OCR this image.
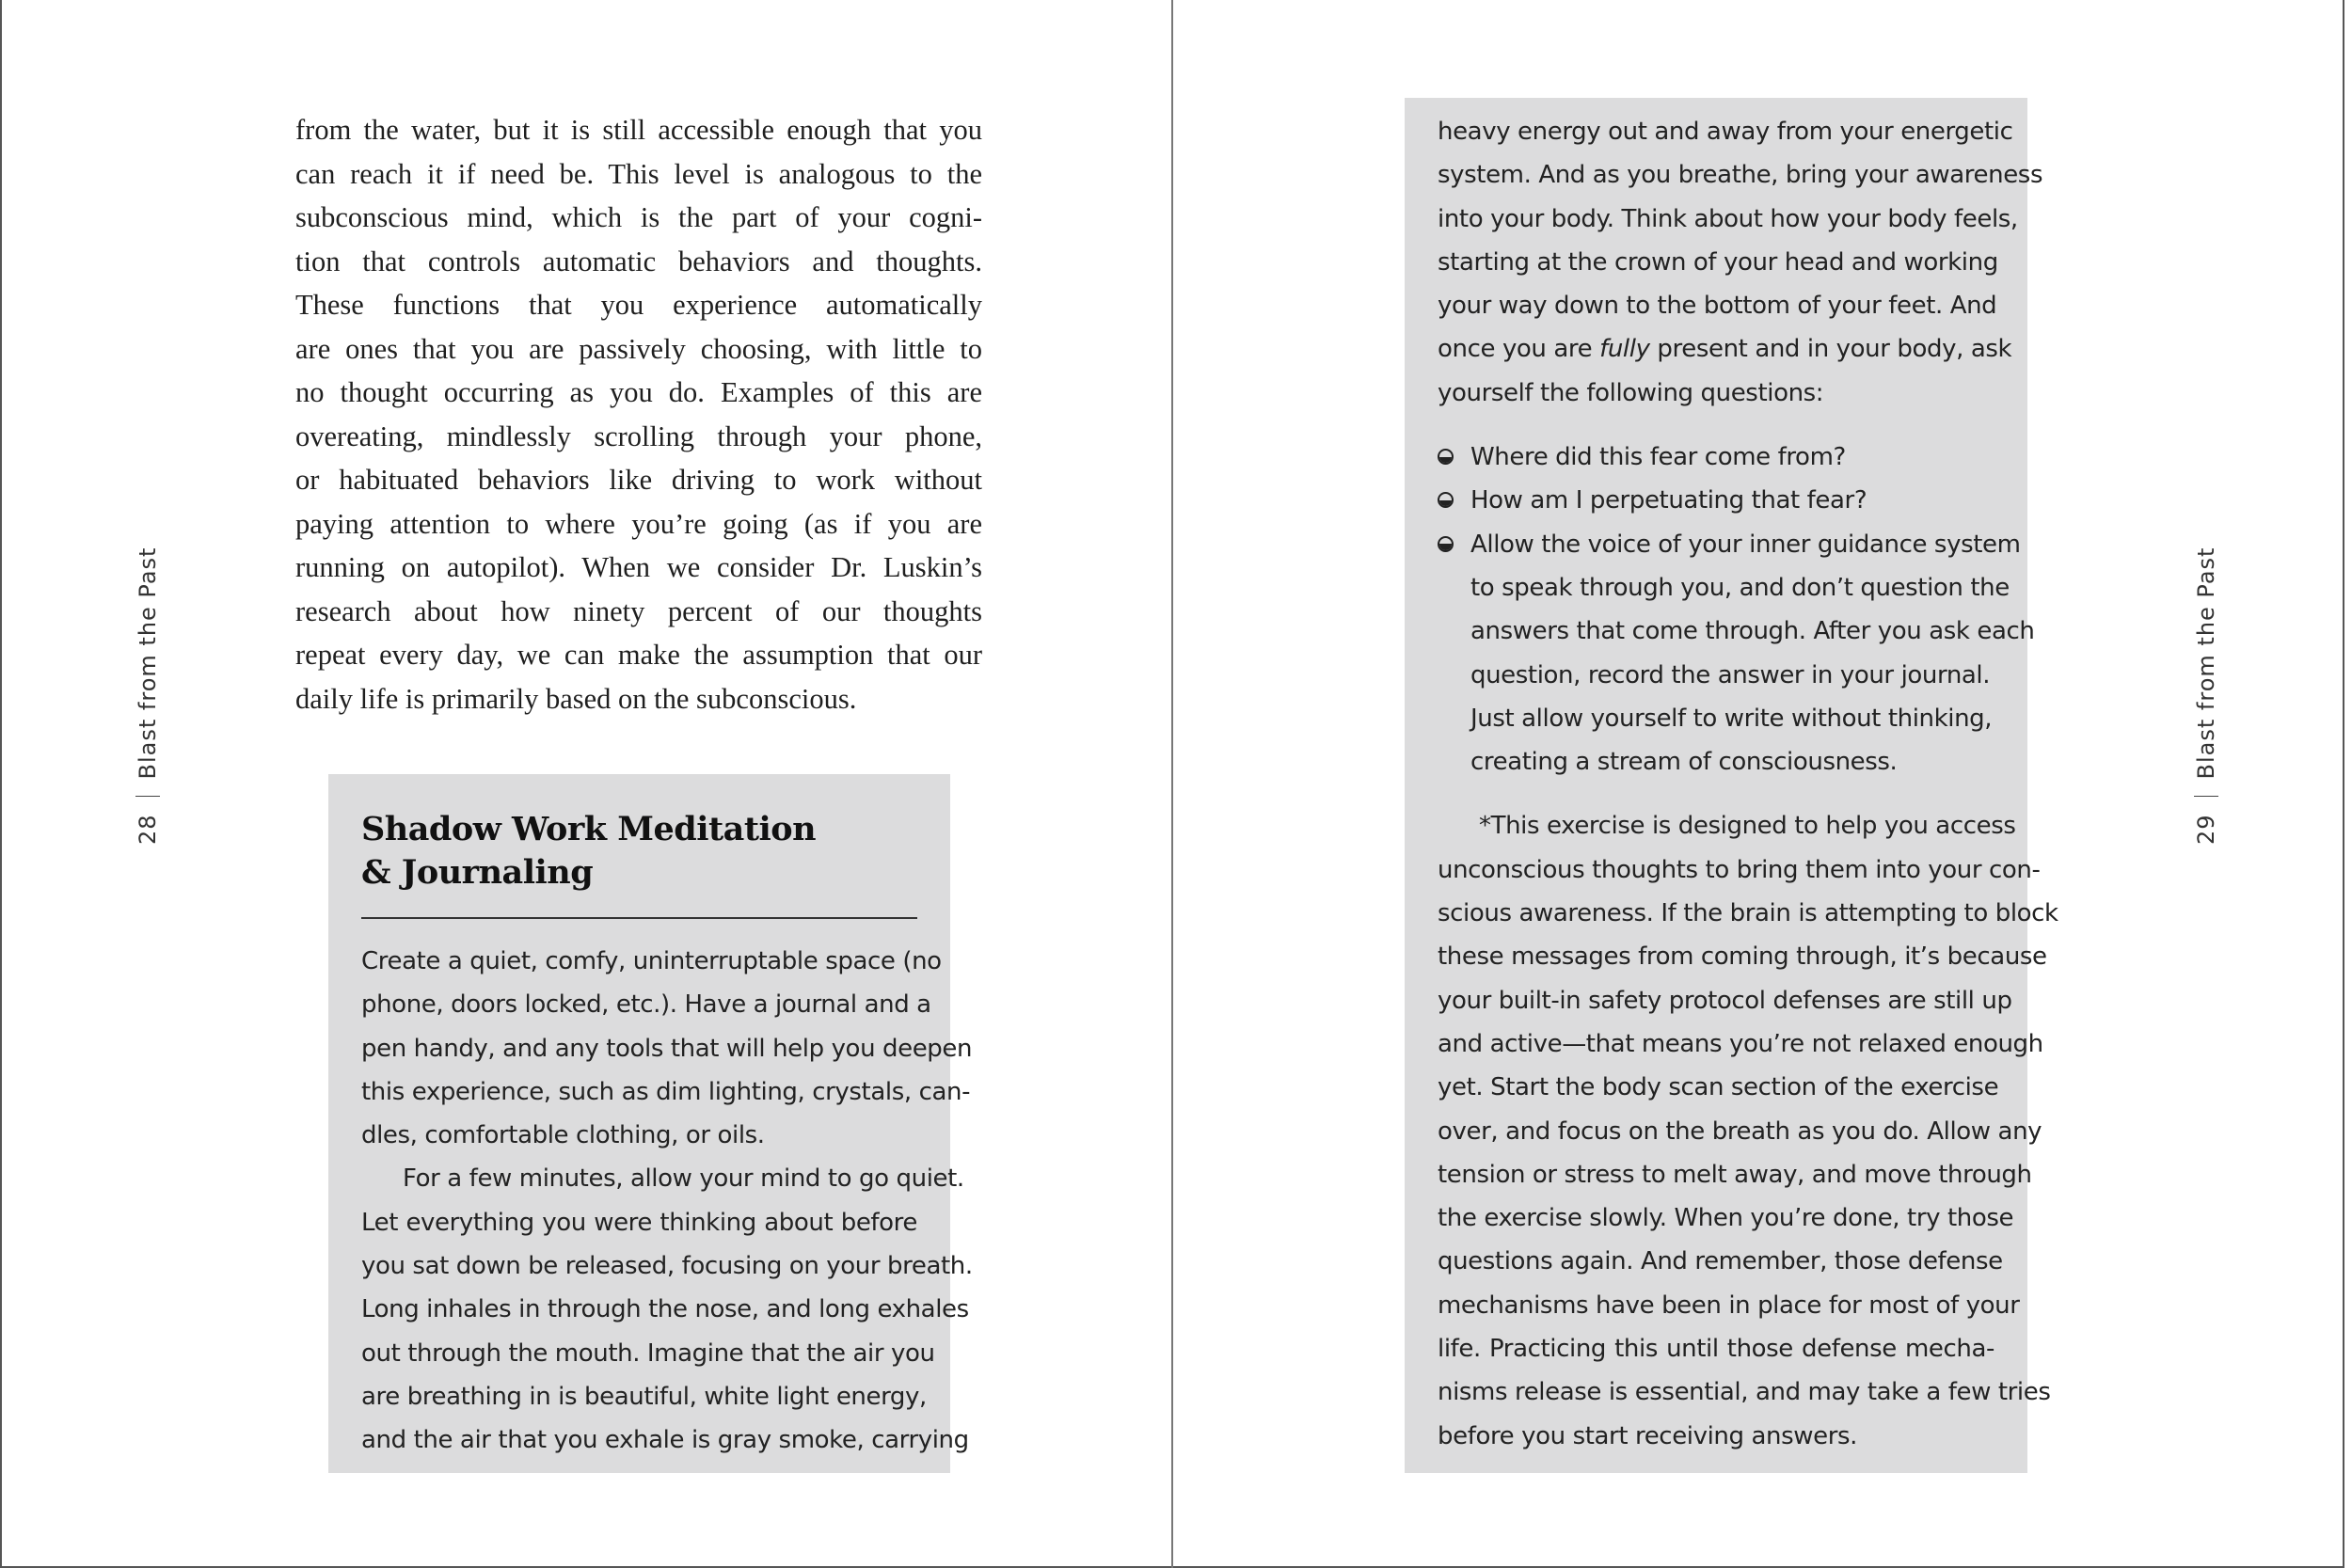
28
Blast from the Past
from the water, but it is still accessible enough that you
can reach it if need be. This level is analogous to the
subconscious mind, which is the part of your cogni-
tion that controls automatic behaviors and thoughts.
These functions that you experience automatically
are ones that you are passively choosing, with little to
no thought occurring as you do. Examples of this are
overeating, mindlessly scrolling through your phone,
or habituated behaviors like driving to work without
paying attention to where you’re going (as if you are
running on autopilot). When we consider Dr. Luskin’s
research about how ninety percent of our thoughts
repeat every day, we can make the assumption that our
daily life is primarily based on the subconscious.
Shadow Work Meditation
& Journaling
Create a quiet, comfy, uninterruptable space (no
phone, doors locked, etc.). Have a journal and a
pen handy, and any tools that will help you deepen
this experience, such as dim lighting, crystals, can-
dles, comfortable clothing, or oils.
For a few minutes, allow your mind to go quiet.
Let everything you were thinking about before
you sat down be released, focusing on your breath.
Long inhales in through the nose, and long exhales
out through the mouth. Imagine that the air you
are breathing in is beautiful, white light energy,
and the air that you exhale is gray smoke, carrying
heavy energy out and away from your energetic
system. And as you breathe, bring your awareness
into your body. Think about how your body feels,
starting at the crown of your head and working
your way down to the bottom of your feet. And
once you are fully present and in your body, ask
yourself the following questions:
Where did this fear come from?
How am I perpetuating that fear?
Allow the voice of your inner guidance system
to speak through you, and don’t question the
answers that come through. After you ask each
question, record the answer in your journal.
Just allow yourself to write without thinking,
creating a stream of consciousness.
*This exercise is designed to help you access
unconscious thoughts to bring them into your con-
scious awareness. If the brain is attempting to block
these messages from coming through, it’s because
your built-in safety protocol defenses are still up
and active—that means you’re not relaxed enough
yet. Start the body scan section of the exercise
over, and focus on the breath as you do. Allow any
tension or stress to melt away, and move through
the exercise slowly. When you’re done, try those
questions again. And remember, those defense
mechanisms have been in place for most of your
life. Practicing this until those defense mecha-
nisms release is essential, and may take a few tries
before you start receiving answers.
29
Blast from the Past
